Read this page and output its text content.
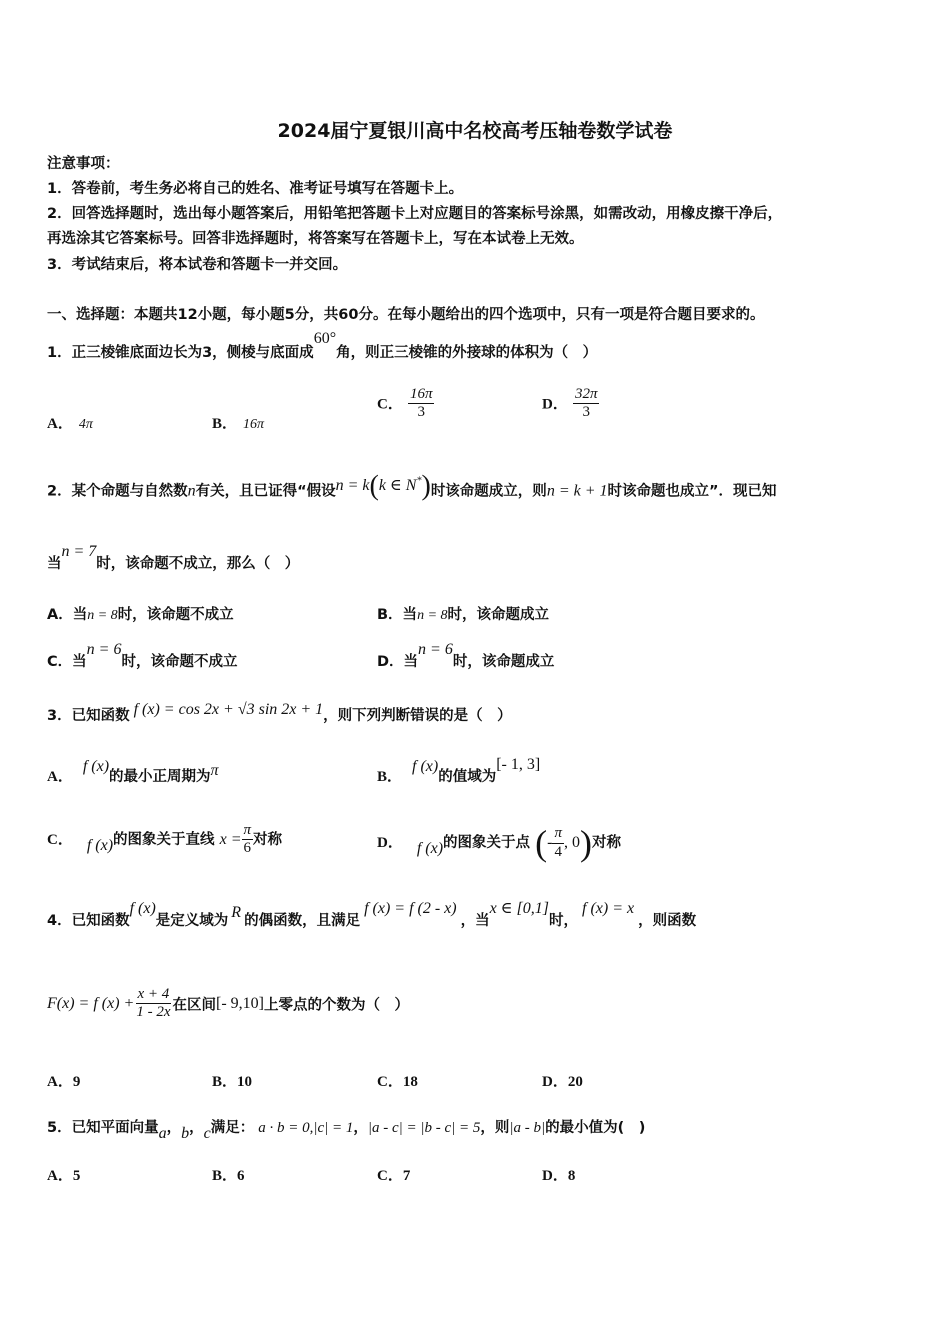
2024届宁夏银川高中名校高考压轴卷数学试卷
注意事项：
1．答卷前，考生务必将自己的姓名、准考证号填写在答题卡上。
2．回答选择题时，选出每小题答案后，用铅笔把答题卡上对应题目的答案标号涂黑，如需改动，用橡皮擦干净后，
再选涂其它答案标号。回答非选择题时，将答案写在答题卡上，写在本试卷上无效。
3．考试结束后，将本试卷和答题卡一并交回。
一、选择题：本题共12小题，每小题5分，共60分。在每小题给出的四个选项中，只有一项是符合题目要求的。
1．正三棱锥底面边长为3，侧棱与底面成60°角，则正三棱锥的外接球的体积为（　）
A． 4π	B． 16π
C． $\frac{16\pi}{3}$	D． $\frac{32\pi}{3}$
2．某个命题与自然数n有关，且已证得“假设n = k(k ∈ N*)时该命题成立，则n = k + 1时该命题也成立”．现已知
当n = 7时，该命题不成立，那么（　）
A．当n = 8时，该命题不成立	B．当n = 8时，该命题成立
C．当n = 6时，该命题不成立	D．当n = 6时，该命题成立
3．已知函数 f (x) = cos 2x + √3 sin 2x + 1，则下列判断错误的是（　）
A．f (x)的最小正周期为π	B．f (x)的值域为[- 1, 3]
C． f (x)的图象关于直线 $x = \frac{\pi}{6}$ 对称	D． f (x)的图象关于点 (- $\frac{\pi}{4}$ , 0)对称
4．已知函数f (x)是定义域为 R 的偶函数，且满足f (x) = f (2 - x)，当x ∈ [0,1]时，f (x) = x，则函数
F(x) = f $(x) + \frac{x + 4}{1 - 2x}$ 在区间[- 9,10]上零点的个数为（　）
A．9	B．10	C．18	D．20
5．已知平面向量a，b，c满足： a · b = 0,|c| = 1，|a - c| = |b - c| = 5，则|a - b|的最小值为(　)
A．5	B．6	C．7	D．8
